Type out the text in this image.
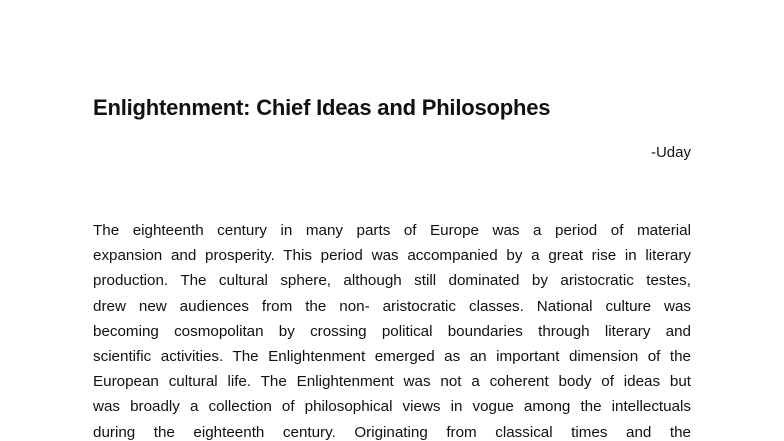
Enlightenment: Chief Ideas and Philosophes
-Uday
The eighteenth century in many parts of Europe was a period of material
expansion and prosperity. This period was accompanied by a great rise in literary
production. The cultural sphere, although still dominated by aristocratic testes,
drew new audiences from the non- aristocratic classes. National culture was
becoming cosmopolitan by crossing political boundaries through literary and
scientific activities. The Enlightenment emerged as an important dimension of the
European cultural life. The Enlightenment was not a coherent body of ideas but
was broadly a collection of philosophical views in vogue among the intellectuals
during the eighteenth century. Originating from classical times and the
